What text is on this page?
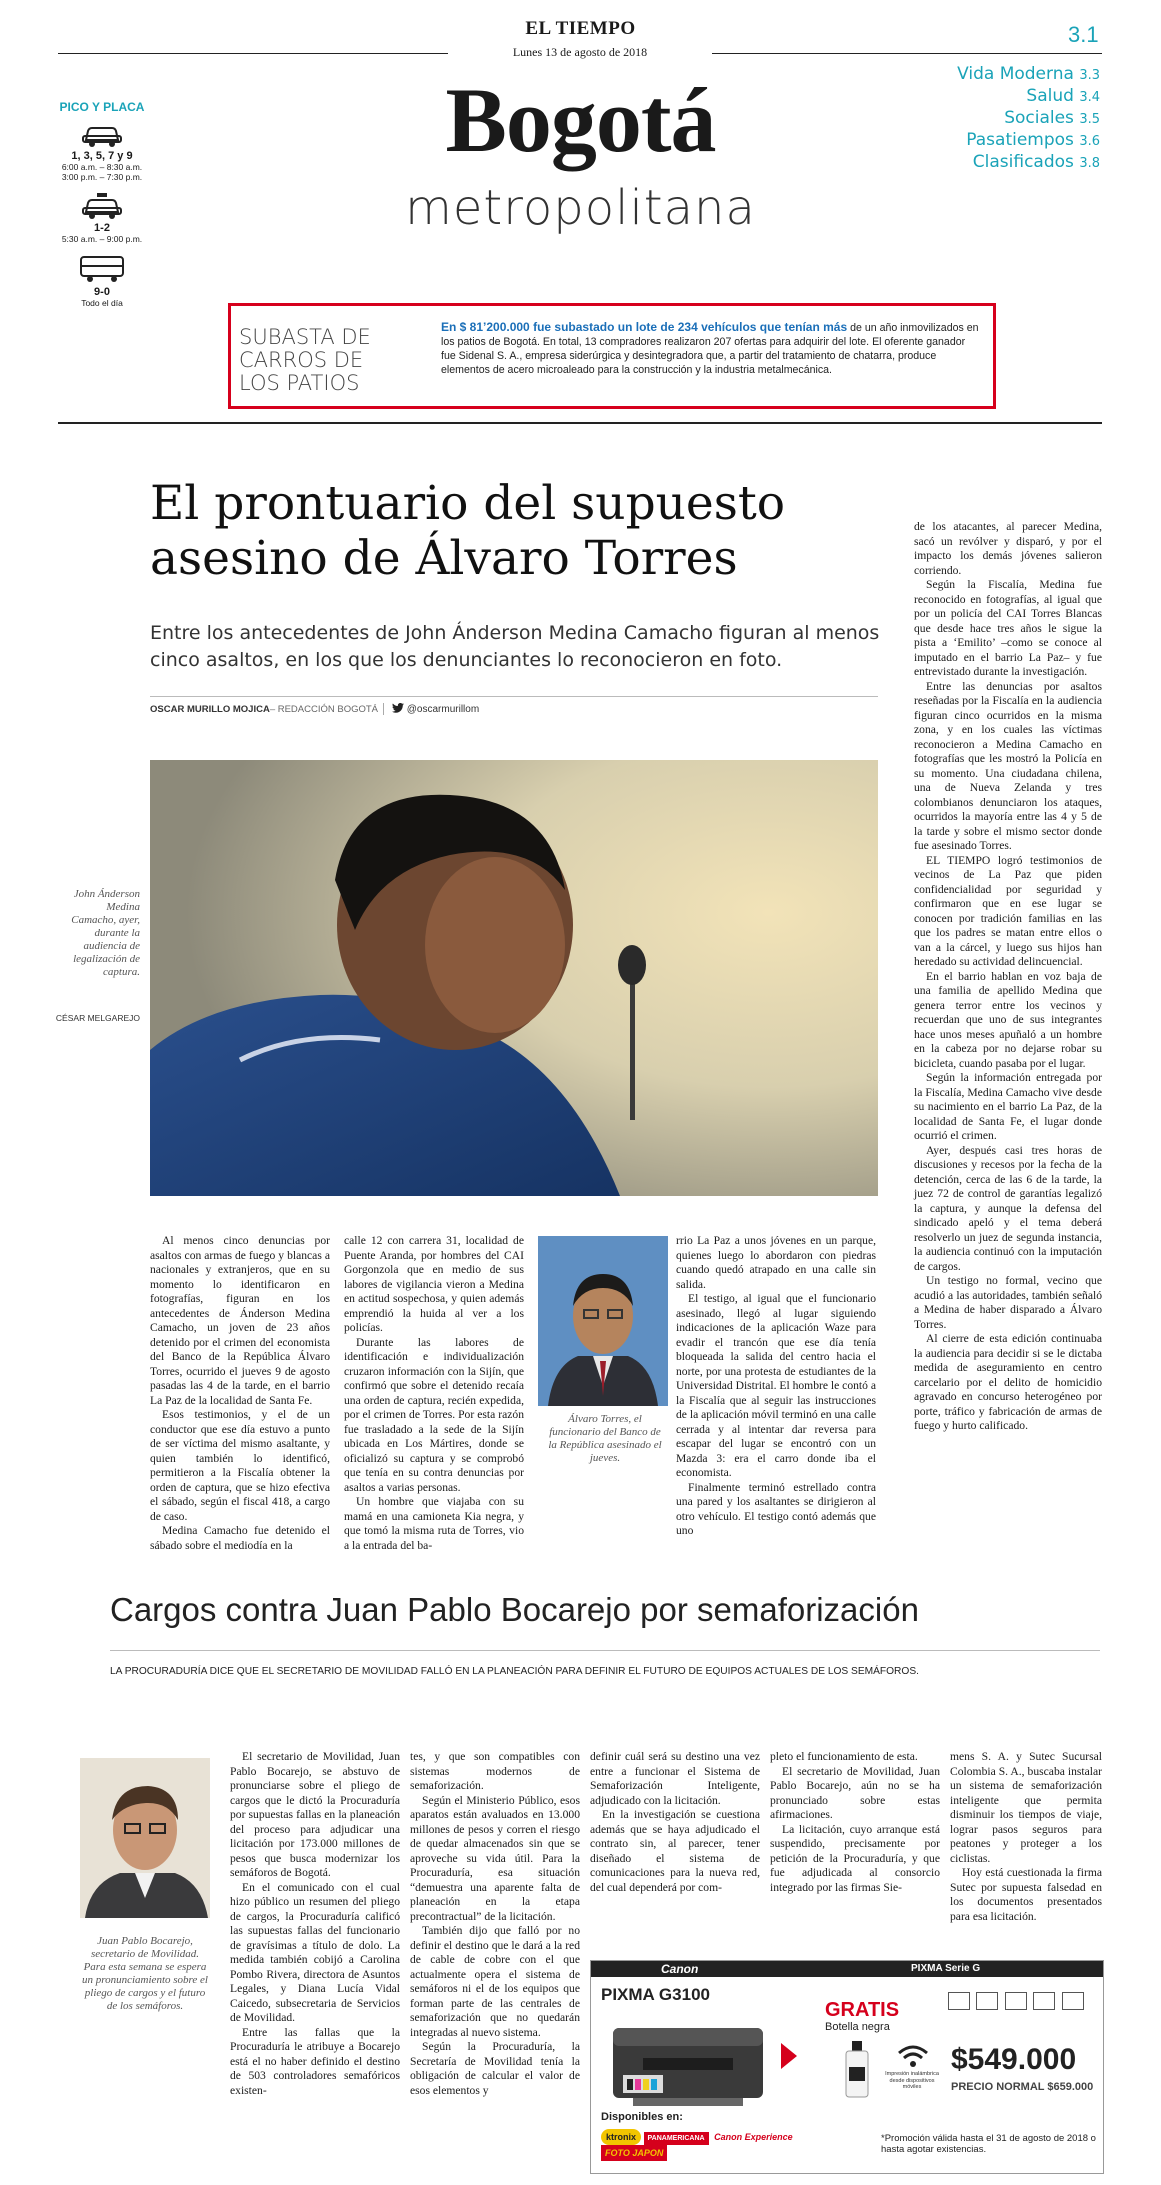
EL TIEMPO
Lunes 13 de agosto de 2018
3.1
Bogotá
metropolitana
PICO Y PLACA
1, 3, 5, 7 y 9
6:00 a.m. – 8:30 a.m.
3:00 p.m. – 7:30 p.m.
1-2
5:30 a.m. – 9:00 p.m.
9-0
Todo el día
Vida Moderna 3.3
Salud 3.4
Sociales 3.5
Pasatiempos 3.6
Clasificados 3.8
SUBASTA DE CARROS DE LOS PATIOS
En $ 81’200.000 fue subastado un lote de 234 vehículos que tenían más de un año inmovilizados en los patios de Bogotá. En total, 13 compradores realizaron 207 ofertas para adquirir del lote. El oferente ganador fue Sidenal S. A., empresa siderúrgica y desintegradora que, a partir del tratamiento de chatarra, produce elementos de acero microaleado para la construcción y la industria metalmecánica.
El prontuario del supuesto asesino de Álvaro Torres
Entre los antecedentes de John Ánderson Medina Camacho figuran al menos cinco asaltos, en los que los denunciantes lo reconocieron en foto.
OSCAR MURILLO MOJICA– REDACCIÓN BOGOTÁ	@oscarmurillom
John Ánderson Medina Camacho, ayer, durante la audiencia de legalización de captura.
CÉSAR MELGAREJO

de los atacantes, al parecer Medina, sacó un revólver y disparó, y por el impacto los demás jóvenes salieron corriendo.

Según la Fiscalía, Medina fue reconocido en fotografías, al igual que por un policía del CAI Torres Blancas que desde hace tres años le sigue la pista a ‘Emilito’ –como se conoce al imputado en el barrio La Paz– y fue entrevistado durante la investigación.

Entre las denuncias por asaltos reseñadas por la Fiscalía en la audiencia figuran cinco ocurridos en la misma zona, y en los cuales las víctimas reconocieron a Medina Camacho en fotografías que les mostró la Policía en su momento. Una ciudadana chilena, una de Nueva Zelanda y tres colombianos denunciaron los ataques, ocurridos la mayoría entre las 4 y 5 de la tarde y sobre el mismo sector donde fue asesinado Torres.

EL TIEMPO logró testimonios de vecinos de La Paz que piden confidencialidad por seguridad y confirmaron que en ese lugar se conocen por tradición familias en las que los padres se matan entre ellos o van a la cárcel, y luego sus hijos han heredado su actividad delincuencial.

En el barrio hablan en voz baja de una familia de apellido Medina que genera terror entre los vecinos y recuerdan que uno de sus integrantes hace unos meses apuñaló a un hombre en la cabeza por no dejarse robar su bicicleta, cuando pasaba por el lugar.

Según la información entregada por la Fiscalía, Medina Camacho vive desde su nacimiento en el barrio La Paz, de la localidad de Santa Fe, el lugar donde ocurrió el crimen.

Ayer, después casi tres horas de discusiones y recesos por la fecha de la detención, cerca de las 6 de la tarde, la juez 72 de control de garantías legalizó la captura, y aunque la defensa del sindicado apeló y el tema deberá resolverlo un juez de segunda instancia, la audiencia continuó con la imputación de cargos.

Un testigo no formal, vecino que acudió a las autoridades, también señaló a Medina de haber disparado a Álvaro Torres.

Al cierre de esta edición continuaba la audiencia para decidir si se le dictaba medida de aseguramiento en centro carcelario por el delito de homicidio agravado en concurso heterogéneo por porte, tráfico y fabricación de armas de fuego y hurto calificado.

Al menos cinco denuncias por asaltos con armas de fuego y blancas a nacionales y extranjeros, que en su momento lo identificaron en fotografías, figuran en los antecedentes de Ánderson Medina Camacho, un joven de 23 años detenido por el crimen del economista del Banco de la República Álvaro Torres, ocurrido el jueves 9 de agosto pasadas las 4 de la tarde, en el barrio La Paz de la localidad de Santa Fe.

Esos testimonios, y el de un conductor que ese día estuvo a punto de ser víctima del mismo asaltante, y quien también lo identificó, permitieron a la Fiscalía obtener la orden de captura, que se hizo efectiva el sábado, según el fiscal 418, a cargo de caso.

Medina Camacho fue detenido el sábado sobre el mediodía en la

calle 12 con carrera 31, localidad de Puente Aranda, por hombres del CAI Gorgonzola que en medio de sus labores de vigilancia vieron a Medina en actitud sospechosa, y quien además emprendió la huida al ver a los policías.

Durante las labores de identificación e individualización cruzaron información con la Sijín, que confirmó que sobre el detenido recaía una orden de captura, recién expedida, por el crimen de Torres. Por esta razón fue trasladado a la sede de la Sijín ubicada en Los Mártires, donde se oficializó su captura y se comprobó que tenía en su contra denuncias por asaltos a varias personas.

Un hombre que viajaba con su mamá en una camioneta Kia negra, y que tomó la misma ruta de Torres, vio a la entrada del ba-

Álvaro Torres, el funcionario del Banco de la República asesinado el jueves.

rrio La Paz a unos jóvenes en un parque, quienes luego lo abordaron con piedras cuando quedó atrapado en una calle sin salida.

El testigo, al igual que el funcionario asesinado, llegó al lugar siguiendo indicaciones de la aplicación Waze para evadir el trancón que ese día tenía bloqueada la salida del centro hacia el norte, por una protesta de estudiantes de la Universidad Distrital. El hombre le contó a la Fiscalía que al seguir las instrucciones de la aplicación móvil terminó en una calle cerrada y al intentar dar reversa para escapar del lugar se encontró con un Mazda 3: era el carro donde iba el economista.

Finalmente terminó estrellado contra una pared y los asaltantes se dirigieron al otro vehículo. El testigo contó además que uno

Cargos contra Juan Pablo Bocarejo por semaforización
LA PROCURADURÍA DICE QUE EL SECRETARIO DE MOVILIDAD FALLÓ EN LA PLANEACIÓN PARA DEFINIR EL FUTURO DE EQUIPOS ACTUALES DE LOS SEMÁFOROS.
Juan Pablo Bocarejo, secretario de Movilidad. Para esta semana se espera un pronunciamiento sobre el pliego de cargos y el futuro de los semáforos.

El secretario de Movilidad, Juan Pablo Bocarejo, se abstuvo de pronunciarse sobre el pliego de cargos que le dictó la Procuraduría por supuestas fallas en la planeación del proceso para adjudicar una licitación por 173.000 millones de pesos que busca modernizar los semáforos de Bogotá.

En el comunicado con el cual hizo público un resumen del pliego de cargos, la Procuraduría calificó las supuestas fallas del funcionario de gravísimas a título de dolo. La medida también cobijó a Carolina Pombo Rivera, directora de Asuntos Legales, y Diana Lucía Vidal Caicedo, subsecretaria de Servicios de Movilidad.

Entre las fallas que la Procuraduría le atribuye a Bocarejo está el no haber definido el destino de 503 controladores semafóricos existen-

tes, y que son compatibles con sistemas modernos de semaforización.

Según el Ministerio Público, esos aparatos están avaluados en 13.000 millones de pesos y corren el riesgo de quedar almacenados sin que se aproveche su vida útil. Para la Procuraduría, esa situación “demuestra una aparente falta de planeación en la etapa precontractual” de la licitación.

También dijo que falló por no definir el destino que le dará a la red de cable de cobre con el que actualmente opera el sistema de semáforos ni el de los equipos que forman parte de las centrales de semaforización que no quedarán integradas al nuevo sistema.

Según la Procuraduría, la Secretaría de Movilidad tenía la obligación de calcular el valor de esos elementos y

definir cuál será su destino una vez entre a funcionar el Sistema de Semaforización Inteligente, adjudicado con la licitación.

En la investigación se cuestiona además que se haya adjudicado el contrato sin, al parecer, tener diseñado el sistema de comunicaciones para la nueva red, del cual dependerá por com-

pleto el funcionamiento de esta.

El secretario de Movilidad, Juan Pablo Bocarejo, aún no se ha pronunciado sobre estas afirmaciones.

La licitación, cuyo arranque está suspendido, precisamente por petición de la Procuraduría, y que fue adjudicada al consorcio integrado por las firmas Sie-

mens S. A. y Sutec Sucursal Colombia S. A., buscaba instalar un sistema de semaforización inteligente que permita disminuir los tiempos de viaje, lograr pasos seguros para peatones y proteger a los ciclistas.

Hoy está cuestionada la firma Sutec por supuesta falsedad en los documentos presentados para esa licitación.

Canon	PIXMA Serie G
PIXMA G3100
GRATIS
Botella negra
Impresión inalámbrica desde dispositivos móviles

$549.000
PRECIO NORMAL $659.000
Disponibles en:
ktronix PANAMERICANA Canon Experience FOTO JAPON
*Promoción válida hasta el 31 de agosto de 2018 o hasta agotar existencias.
